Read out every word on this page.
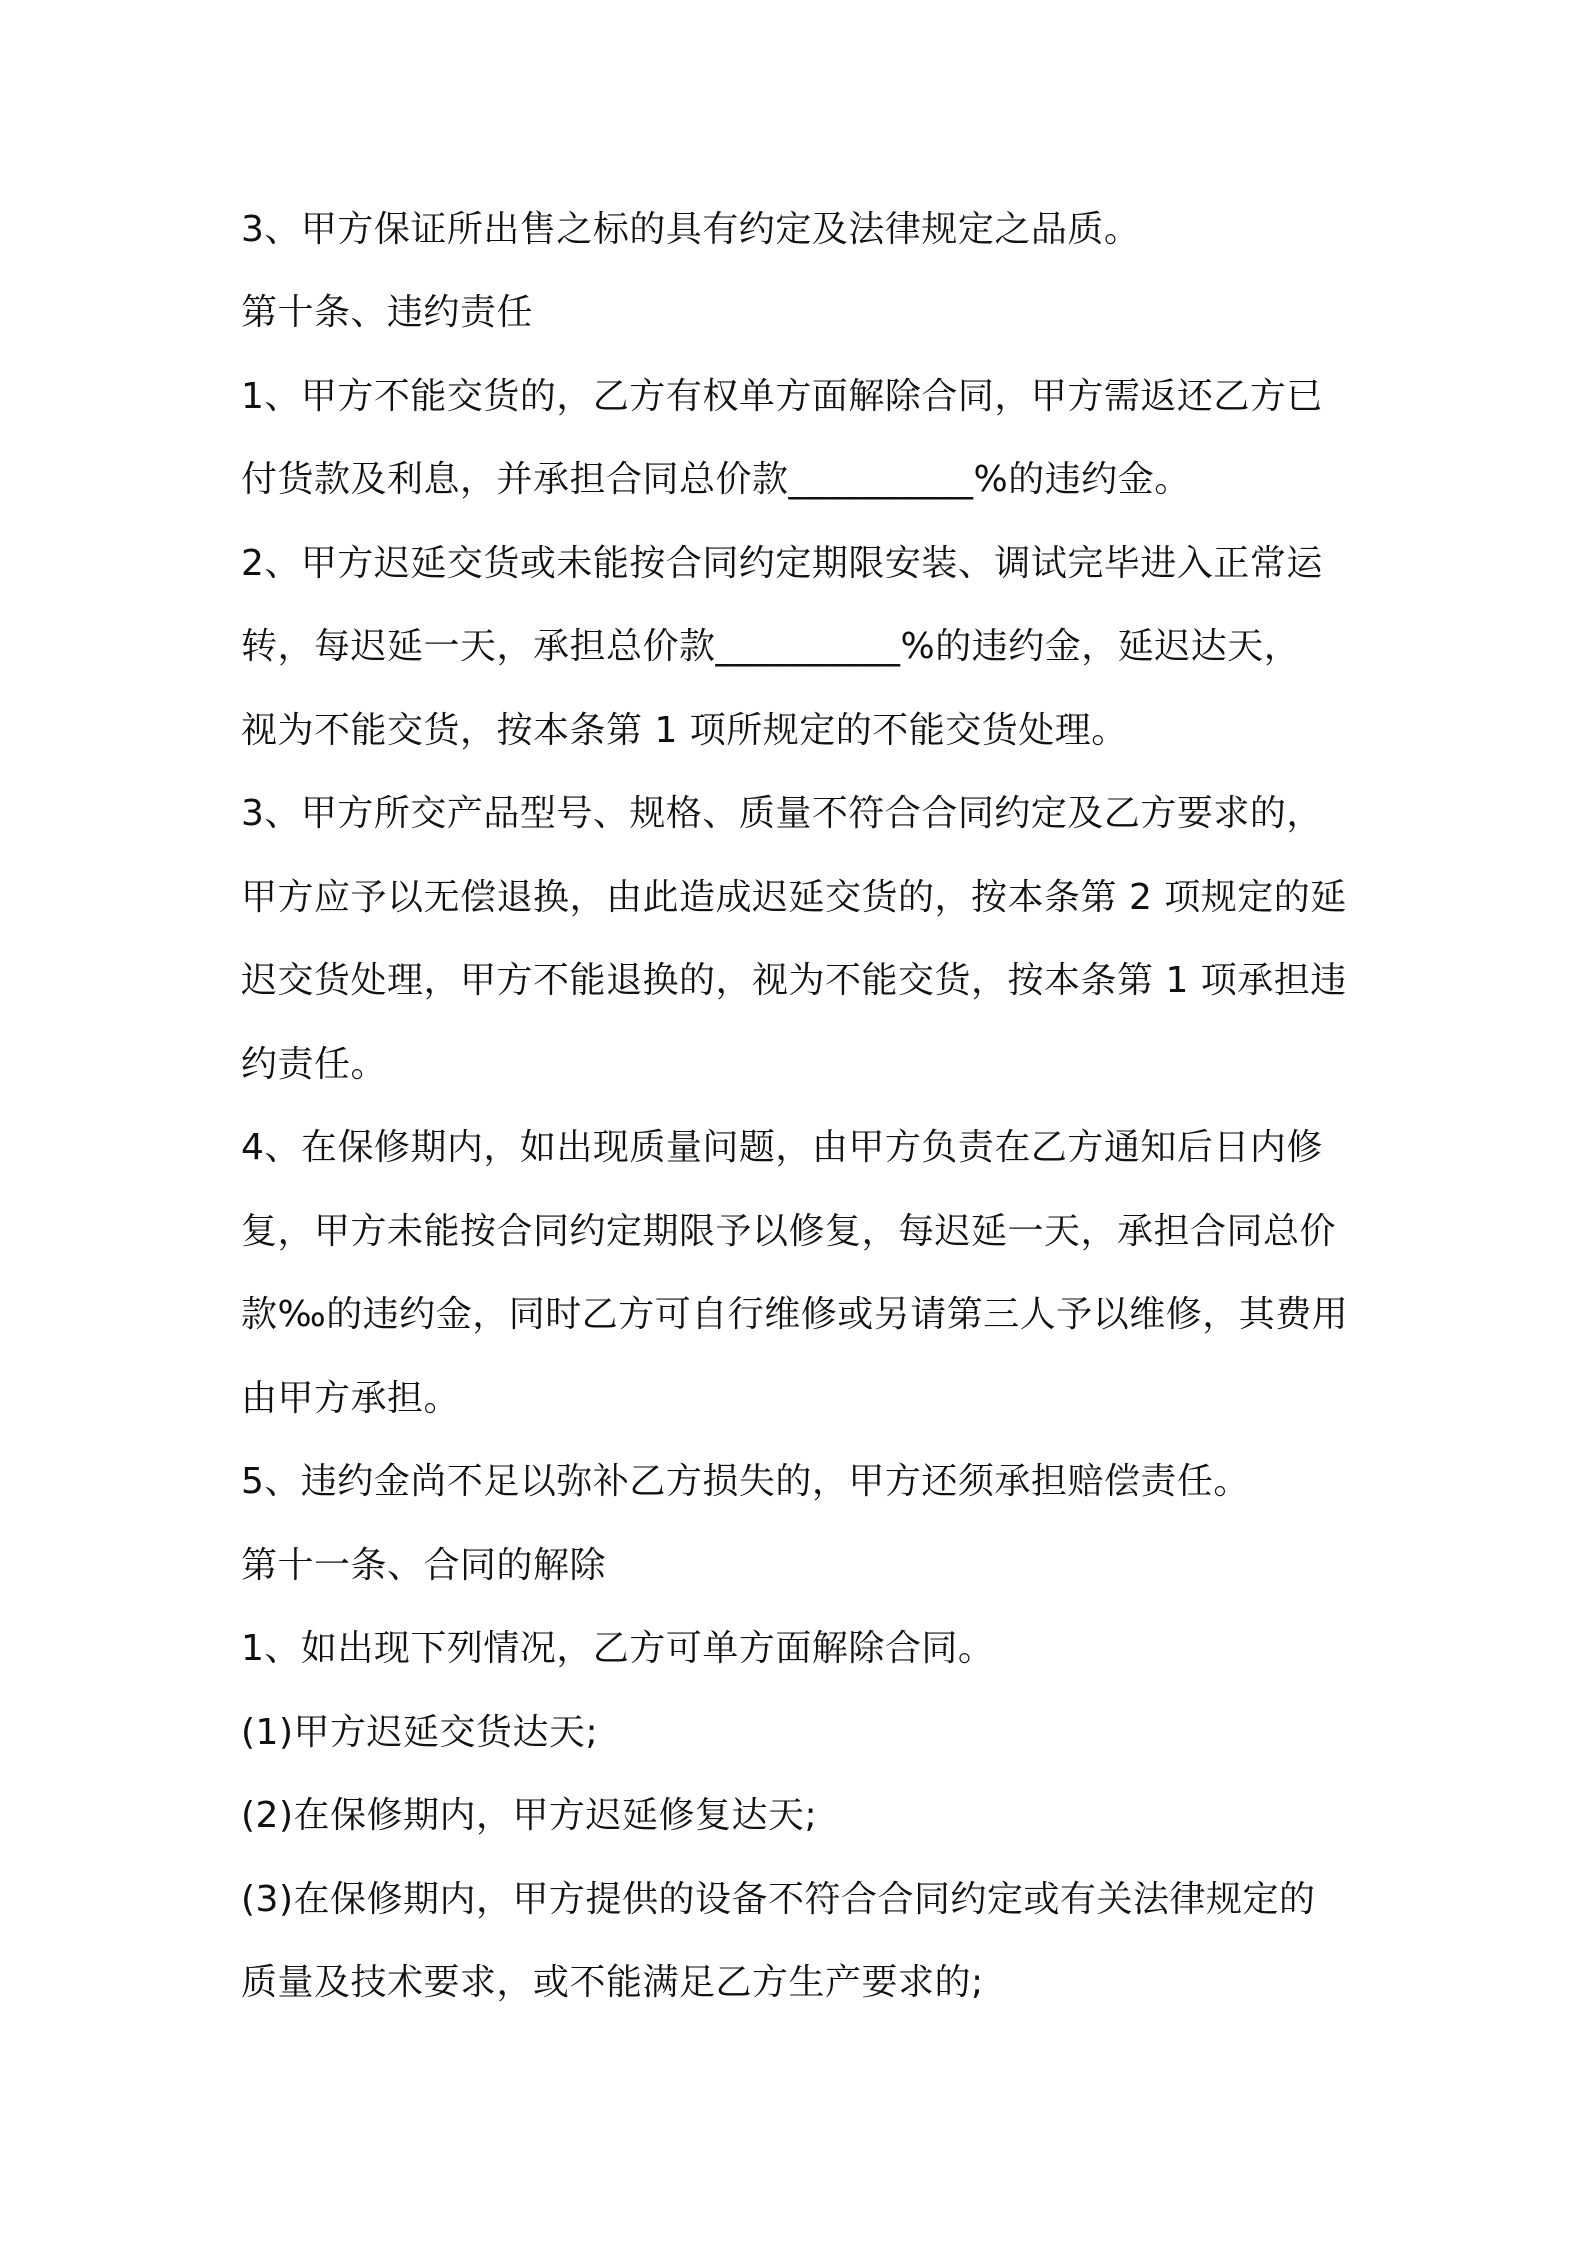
3、甲方保证所出售之标的具有约定及法律规定之品质。
第十条、违约责任
1、甲方不能交货的，乙方有权单方面解除合同，甲方需返还乙方已
付货款及利息，并承担合同总价款__________%的违约金。
2、甲方迟延交货或未能按合同约定期限安装、调试完毕进入正常运
转，每迟延一天，承担总价款__________%的违约金，延迟达天，
视为不能交货，按本条第 1 项所规定的不能交货处理。
3、甲方所交产品型号、规格、质量不符合合同约定及乙方要求的，
甲方应予以无偿退换，由此造成迟延交货的，按本条第 2 项规定的延
迟交货处理，甲方不能退换的，视为不能交货，按本条第 1 项承担违
约责任。
4、在保修期内，如出现质量问题，由甲方负责在乙方通知后日内修
复，甲方未能按合同约定期限予以修复，每迟延一天，承担合同总价
款‰的违约金，同时乙方可自行维修或另请第三人予以维修，其费用
由甲方承担。
5、违约金尚不足以弥补乙方损失的，甲方还须承担赔偿责任。
第十一条、合同的解除
1、如出现下列情况，乙方可单方面解除合同。
(1)甲方迟延交货达天;
(2)在保修期内，甲方迟延修复达天;
(3)在保修期内，甲方提供的设备不符合合同约定或有关法律规定的
质量及技术要求，或不能满足乙方生产要求的;
